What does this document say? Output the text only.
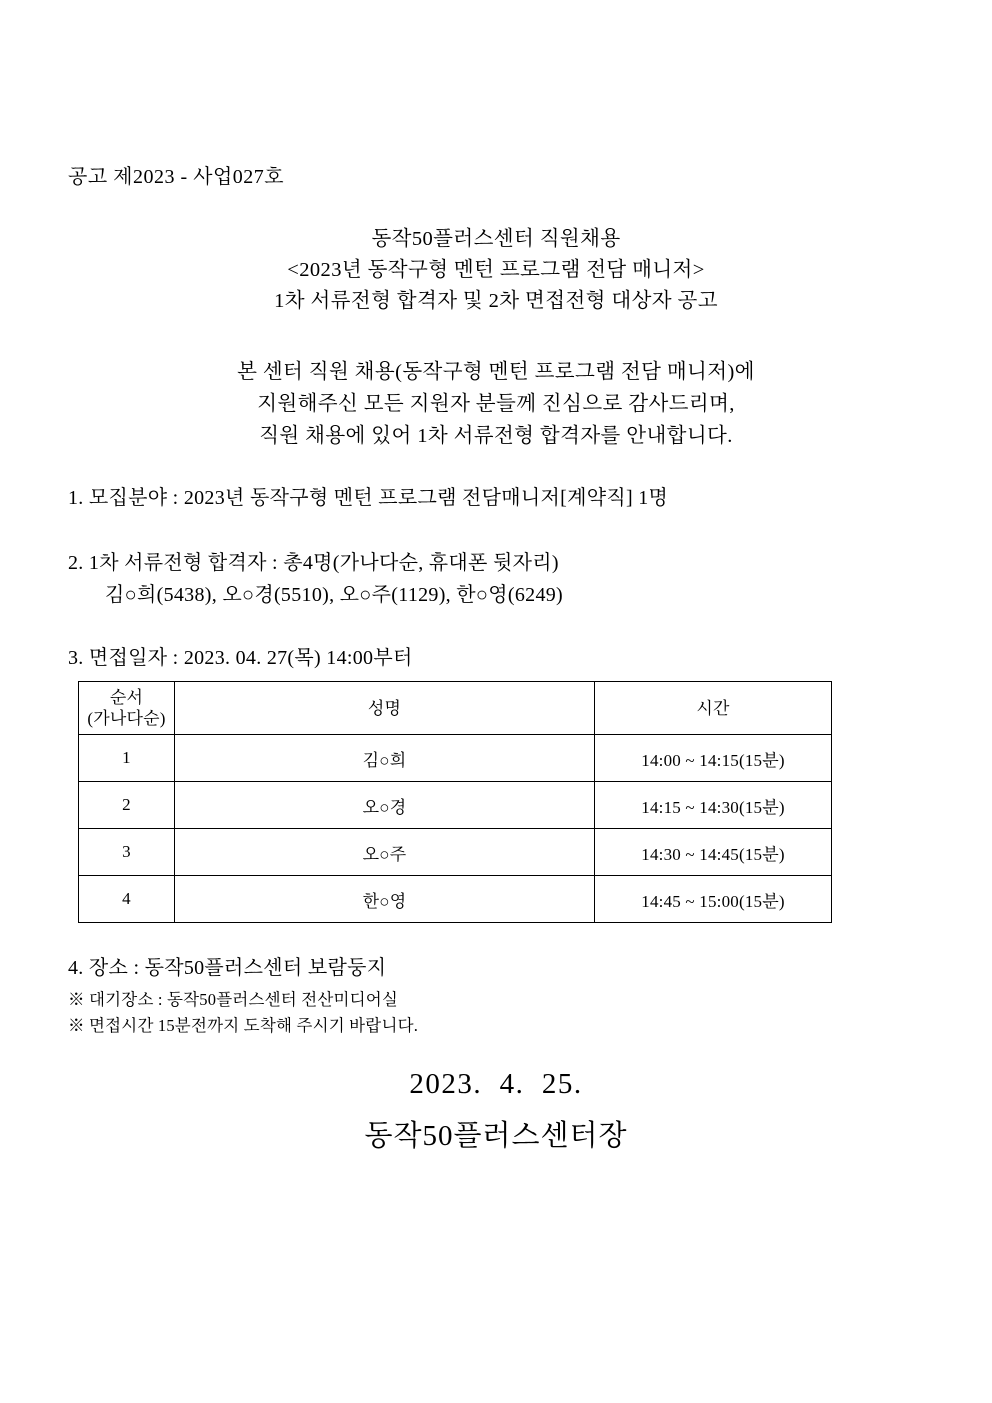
공고 제2023 - 사업027호
동작50플러스센터 직원채용
<2023년 동작구형 멘턴 프로그램 전담 매니저>
1차 서류전형 합격자 및 2차 면접전형 대상자 공고
본 센터 직원 채용(동작구형 멘턴 프로그램 전담 매니저)에
지원해주신 모든 지원자 분들께 진심으로 감사드리며,
직원 채용에 있어 1차 서류전형 합격자를 안내합니다.
1. 모집분야 : 2023년 동작구형 멘턴 프로그램 전담매니저[계약직] 1명
2. 1차 서류전형 합격자 : 총4명(가나다순, 휴대폰 뒷자리)
김○희(5438), 오○경(5510), 오○주(1129), 한○영(6249)
3. 면접일자 : 2023. 04. 27(목) 14:00부터
순서
(가나다순)	성명	시간
1	김○희	14:00 ~ 14:15(15분)
2	오○경	14:15 ~ 14:30(15분)
3	오○주	14:30 ~ 14:45(15분)
4	한○영	14:45 ~ 15:00(15분)
4. 장소 : 동작50플러스센터 보람둥지
※ 대기장소 : 동작50플러스센터 전산미디어실
※ 면접시간 15분전까지 도착해 주시기 바랍니다.
2023.  4.  25.
동작50플러스센터장
